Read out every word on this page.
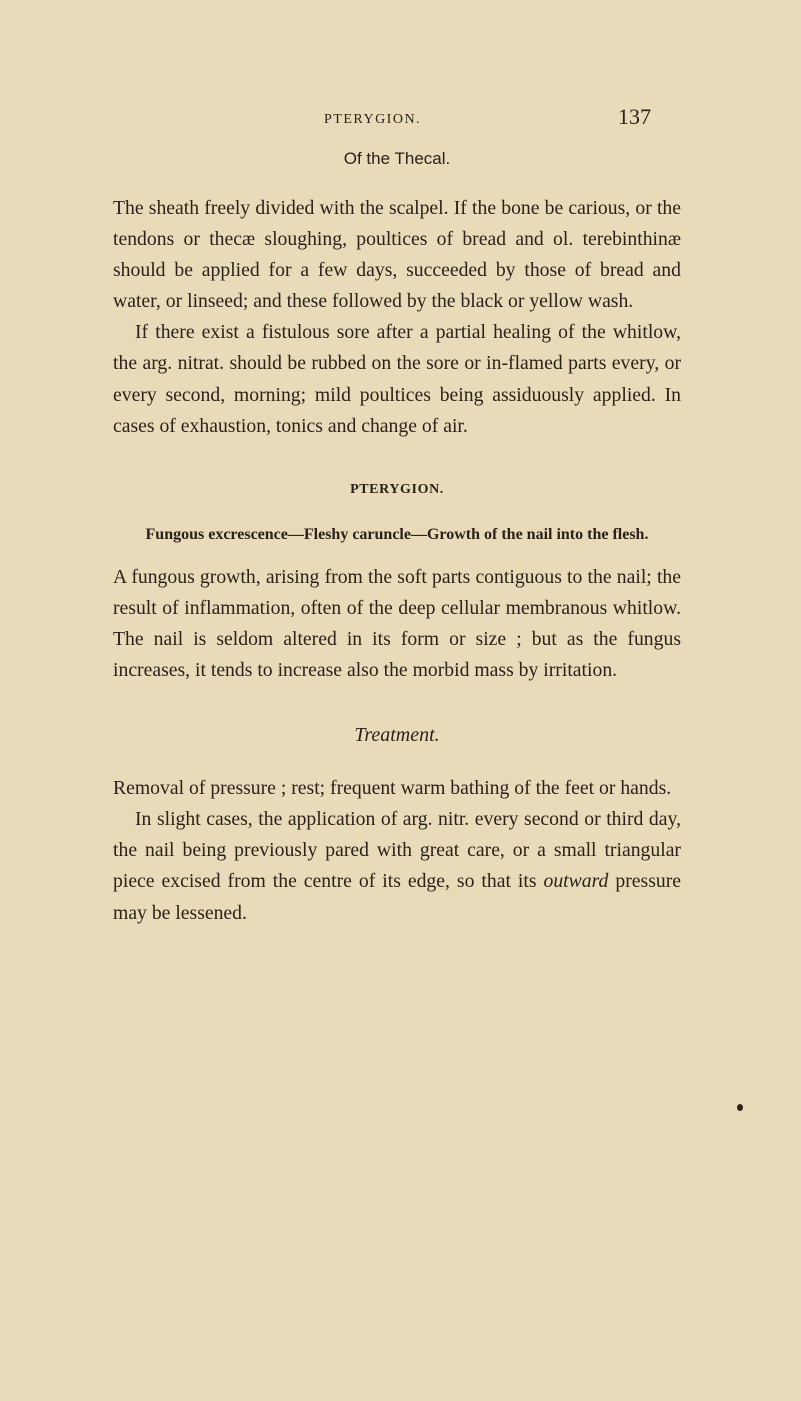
PTERYGION.	137
Of the Thecal.

The sheath freely divided with the scalpel. If the bone be carious, or the tendons or thecæ sloughing, poultices of bread and ol. terebinthinæ should be applied for a few days, succeeded by those of bread and water, or linseed; and these followed by the black or yellow wash.

If there exist a fistulous sore after a partial healing of the whitlow, the arg. nitrat. should be rubbed on the sore or in-flamed parts every, or every second, morning; mild poultices being assiduously applied. In cases of exhaustion, tonics and change of air.

PTERYGION.
Fungous excrescence—Fleshy caruncle—Growth of the nail into the flesh.

A fungous growth, arising from the soft parts contiguous to the nail; the result of inflammation, often of the deep cellular membranous whitlow. The nail is seldom altered in its form or size ; but as the fungus increases, it tends to increase also the morbid mass by irritation.

Treatment.

Removal of pressure ; rest; frequent warm bathing of the feet or hands.

In slight cases, the application of arg. nitr. every second or third day, the nail being previously pared with great care, or a small triangular piece excised from the centre of its edge, so that its outward pressure may be lessened.
